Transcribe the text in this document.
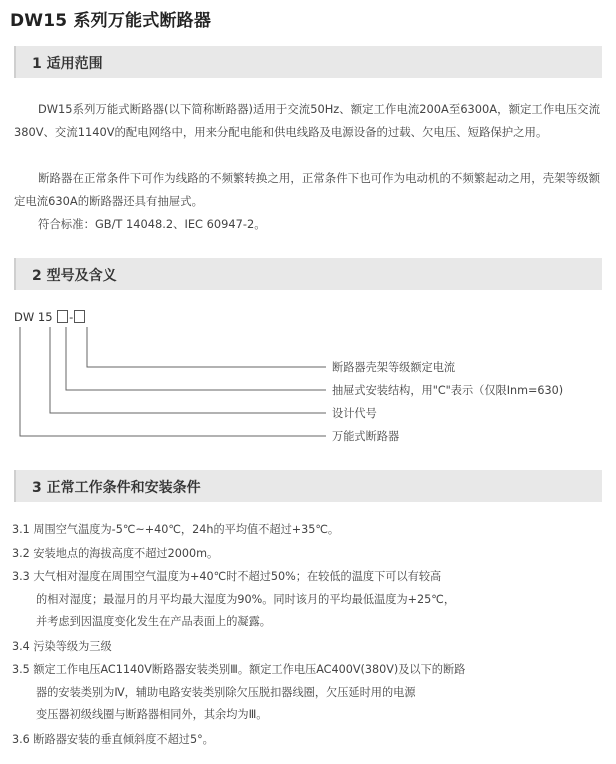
DW15 系列万能式断路器
1 适用范围

DW15系列万能式断路器(以下简称断路器)适用于交流50Hz、额定工作电流200A至6300A，额定工作电压交流380V、交流1140V的配电网络中，用来分配电能和供电线路及电源设备的过载、欠电压、短路保护之用。

断路器在正常条件下可作为线路的不频繁转换之用，正常条件下也可作为电动机的不频繁起动之用，壳架等级额定电流630A的断路器还具有抽屉式。

符合标准：GB/T 14048.2、IEC 60947-2。
2 型号及含义
DW 15 -
断路器壳架等级额定电流
抽屉式安装结构，用"C"表示（仅限Inm=630)
设计代号
万能式断路器
3 正常工作条件和安装条件
3.1 周围空气温度为-5℃~+40℃，24h的平均值不超过+35℃。
3.2 安装地点的海拔高度不超过2000m。
3.3 大气相对湿度在周围空气温度为+40℃时不超过50%；在较低的温度下可以有较高
的相对湿度；最湿月的月平均最大湿度为90%。同时该月的平均最低温度为+25℃，
并考虑到因温度变化发生在产品表面上的凝露。
3.4 污染等级为三级
3.5 额定工作电压AC1140V断路器安装类别Ⅲ。额定工作电压AC400V(380V)及以下的断路
器的安装类别为Ⅳ，辅助电路安装类别除欠压脱扣器线圈，欠压延时用的电源
变压器初级线圈与断路器相同外，其余均为Ⅲ。
3.6 断路器安装的垂直倾斜度不超过5°。
